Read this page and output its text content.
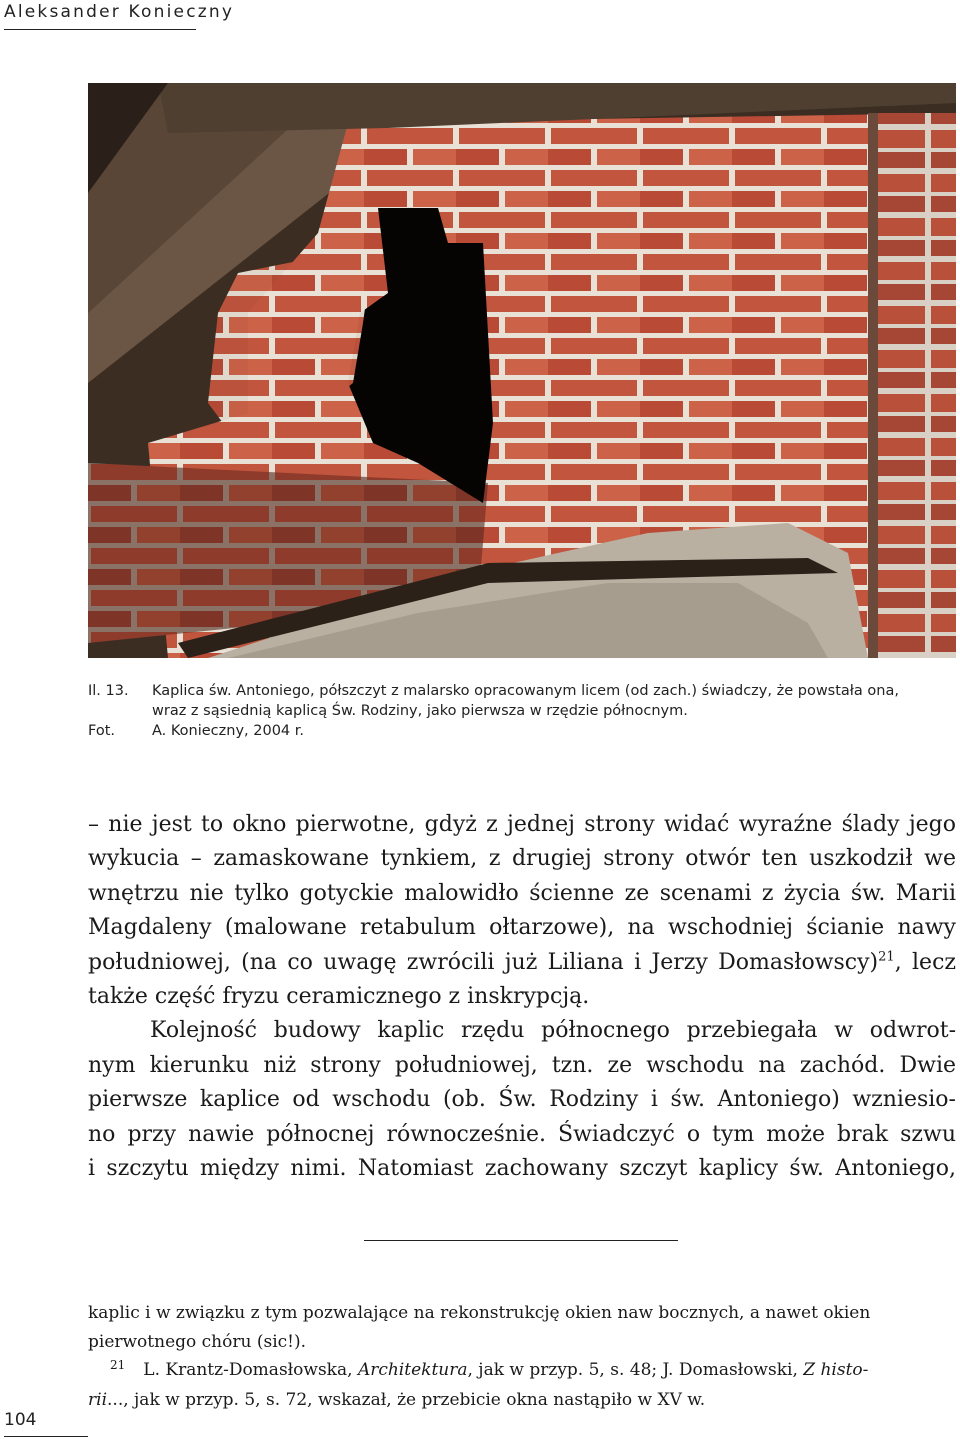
Aleksander Konieczny
Il. 13. Kaplica św. Antoniego, półszczyt z malarsko opracowanym licem (od zach.) świadczy, że powstała ona,
wraz z sąsiednią kaplicą Św. Rodziny, jako pierwsza w rzędzie północnym.
Fot.	A. Konieczny, 2004 r.

– nie jest to okno pierwotne, gdyż z jednej strony widać wyraźne ślady jego
wykucia – zamaskowane tynkiem, z drugiej strony otwór ten uszkodził we
wnętrzu nie tylko gotyckie malowidło ścienne ze scenami z życia św. Marii
Magdaleny (malowane retabulum ołtarzowe), na wschodniej ścianie nawy
południowej, (na co uwagę zwrócili już Liliana i Jerzy Domasłowscy)$^{21}$, lecz
także część fryzu ceramicznego z inskrypcją.

Kolejność budowy kaplic rzędu północnego przebiegała w odwrot-
nym kierunku niż strony południowej, tzn. ze wschodu na zachód. Dwie
pierwsze kaplice od wschodu (ob. Św. Rodziny i św. Antoniego) wzniesio-
no przy nawie północnej równocześnie. Świadczyć o tym może brak szwu
i szczytu między nimi. Natomiast zachowany szczyt kaplicy św. Antoniego,

kaplic i w związku z tym pozwalające na rekonstrukcję okien naw bocznych, a nawet okien
pierwotnego chóru (sic!).
$^{21}$ L. Krantz-Domasłowska, Architektura, jak w przyp. 5, s. 48; J. Domasłowski, Z histo-
rii..., jak w przyp. 5, s. 72, wskazał, że przebicie okna nastąpiło w XV w.
104
